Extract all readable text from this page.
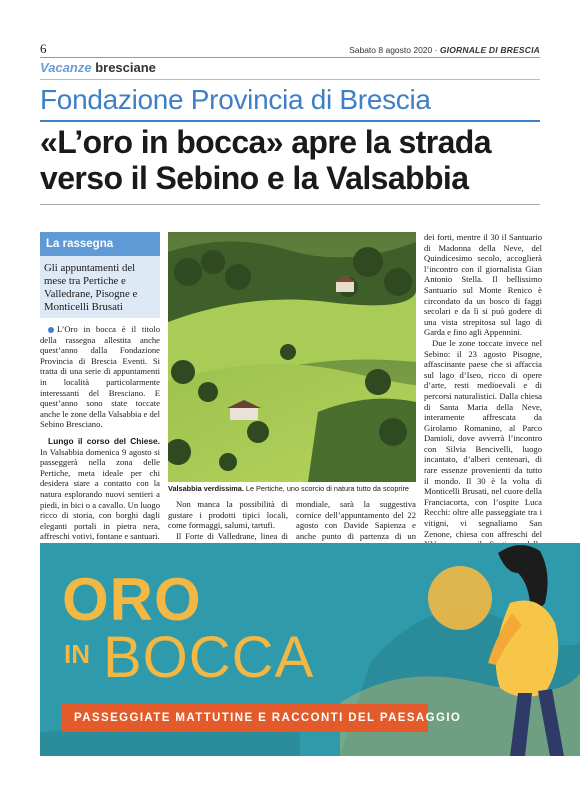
6	Sabato 8 agosto 2020 · GIORNALE DI BRESCIA
Vacanze bresciane
Fondazione Provincia di Brescia
«L’oro in bocca» apre la strada verso il Sebino e la Valsabbia
La rassegna
Gli appuntamenti del mese tra Pertiche e Valledrane, Pisogne e Monticelli Brusati
L’Oro in bocca è il titolo della rassegna allestita anche quest’anno dalla Fondazione Provincia di Brescia Eventi. Si tratta di una serie di appuntamenti in località particolarmente interessanti del Bresciano. E quest’anno sono state toccate anche le zone della Valsabbia e del Sebino Bresciano.
Lungo il corso del Chiese. In Valsabbia domenica 9 agosto si passeggerà nella zona delle Pertiche, meta ideale per chi desidera stare a contatto con la natura esplorando nuovi sentieri a piedi, in bici o a cavallo. Un luogo ricco di storia, con borghi dagli eleganti portali in pietra nera, affreschi votivi, fontane e santuari.
Valsabbia verdissima. Le Pertiche, uno scorcio di natura tutto da scoprire
Non manca la possibilità di gustare i prodotti tipici locali, come formaggi, salumi, tartufi.
Il Forte di Valledrane, linea di
mondiale, sarà la suggestiva cornice dell’appuntamento del 22 agosto con Davide Sapienza e anche punto di partenza di un
dei forti, mentre il 30 il Santuario di Madonna della Neve, del Quindicesimo secolo, accoglierà l’incontro con il giornalista Gian Antonio Stella. Il bellissimo Santuario sul Monte Renico è circondato da un bosco di faggi secolari e da lì si può godere di una vista strepitosa sul lago di Garda e fino agli Appennini.
Due le zone toccate invece nel Sebino: il 23 agosto Pisogne, affascinante paese che si affaccia sul lago d’Iseo, ricco di opere d’arte, resti medioevali e di percorsi naturalistici. Dalla chiesa di Santa Maria della Neve, interamente affrescata da Girolamo Romanino, al Parco Damioli, dove avverrà l’incontro con Silvia Bencivelli, luogo incantato, d’alberi centenari, di rare essenze provenienti da tutto il mondo. Il 30 è la volta di Monticelli Brusati, nel cuore della Franciacorta, con l’ospite Luca Recchi: oltre alle passeggiate tra i vitigni, vi segnaliamo San Zenone, chiesa con affreschi del
ORO
IN BOCCA
PASSEGGIATE MATTUTINE E RACCONTI DEL PAESAGGIO
